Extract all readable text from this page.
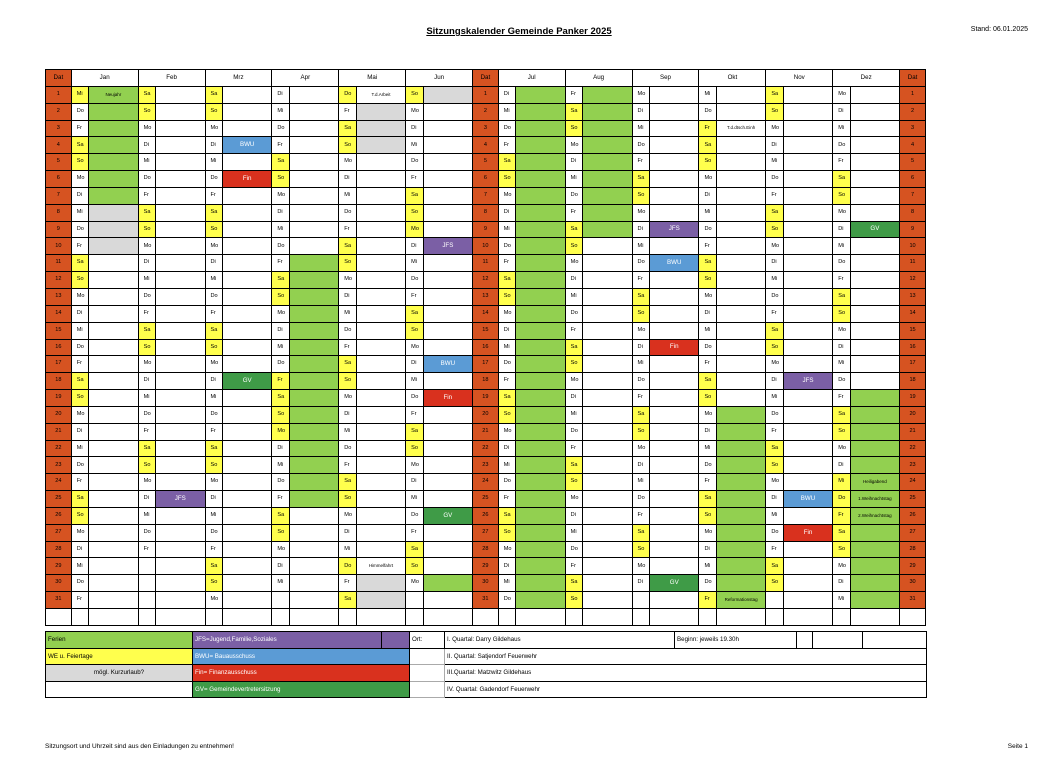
Sitzungskalender Gemeinde Panker 2025	Stand: 06.01.2025
Dat	Jan		Feb		Mrz		Apr		Mai		Jun		Dat	Jul		Aug		Sep		Okt		Nov		Dez		Dat
1	Mi	Neujahr	Sa		Sa		Di		Do	T.d.Arbeit	So		1	Di		Fr		Mo		Mi		Sa		Mo		1
2	Do		So		So		Mi		Fr		Mo		2	Mi		Sa		Di		Do		So		Di		2
3	Fr		Mo		Mo		Do		Sa		Di		3	Do		So		Mi		Fr	T.d.dtsch.Einh	Mo		Mi		3
4	Sa		Di		Di	BWU	Fr		So		Mi		4	Fr		Mo		Do		Sa		Di		Do		4
5	So		Mi		Mi		Sa		Mo		Do		5	Sa		Di		Fr		So		Mi		Fr		5
6	Mo		Do		Do	Fin	So		Di		Fr		6	So		Mi		Sa		Mo		Do		Sa		6
7	Di		Fr		Fr		Mo		Mi		Sa		7	Mo		Do		So		Di		Fr		So		7
8	Mi		Sa		Sa		Di		Do		So		8	Di		Fr		Mo		Mi		Sa		Mo		8
9	Do		So		So		Mi		Fr		Mo		9	Mi		Sa		Di	JFS	Do		So		Di	GV	9
10	Fr		Mo		Mo		Do		Sa		Di	JFS	10	Do		So		Mi		Fr		Mo		Mi		10
11	Sa		Di		Di		Fr		So		Mi		11	Fr		Mo		Do	BWU	Sa		Di		Do		11
12	So		Mi		Mi		Sa		Mo		Do		12	Sa		Di		Fr		So		Mi		Fr		12
13	Mo		Do		Do		So		Di		Fr		13	So		Mi		Sa		Mo		Do		Sa		13
14	Di		Fr		Fr		Mo		Mi		Sa		14	Mo		Do		So		Di		Fr		So		14
15	Mi		Sa		Sa		Di		Do		So		15	Di		Fr		Mo		Mi		Sa		Mo		15
16	Do		So		So		Mi		Fr		Mo		16	Mi		Sa		Di	Fin	Do		So		Di		16
17	Fr		Mo		Mo		Do		Sa		Di	BWU	17	Do		So		Mi		Fr		Mo		Mi		17
18	Sa		Di		Di	GV	Fr		So		Mi		18	Fr		Mo		Do		Sa		Di	JFS	Do		18
19	So		Mi		Mi		Sa		Mo		Do	Fin	19	Sa		Di		Fr		So		Mi		Fr		19
20	Mo		Do		Do		So		Di		Fr		20	So		Mi		Sa		Mo		Do		Sa		20
21	Di		Fr		Fr		Mo		Mi		Sa		21	Mo		Do		So		Di		Fr		So		21
22	Mi		Sa		Sa		Di		Do		So		22	Di		Fr		Mo		Mi		Sa		Mo		22
23	Do		So		So		Mi		Fr		Mo		23	Mi		Sa		Di		Do		So		Di		23
24	Fr		Mo		Mo		Do		Sa		Di		24	Do		So		Mi		Fr		Mo		Mi	Heiligabend	24
25	Sa		Di	JFS	Di		Fr		So		Mi		25	Fr		Mo		Do		Sa		Di	BWU	Do	1.Weihnachtstag	25
26	So		Mi		Mi		Sa		Mo		Do	GV	26	Sa		Di		Fr		So		Mi		Fr	2.Weihnachtstag	26
27	Mo		Do		Do		So		Di		Fr		27	So		Mi		Sa		Mo		Do	Fin	Sa		27
28	Di		Fr		Fr		Mo		Mi		Sa		28	Mo		Do		So		Di		Fr		So		28
29	Mi				Sa		Di		Do	Himmelfahrt	So		29	Di		Fr		Mo		Mi		Sa		Mo		29
30	Do				So		Mi		Fr		Mo		30	Mi		Sa		Di	GV	Do		So		Di		30
31	Fr				Mo				Sa				31	Do		So				Fr	Reformationstag			Mi		31

Ferien	JFS=Jugend,Familie,Soziales		Ort:	I. Quartal: Darry Gildehaus	Beginn: jeweils 19.30h			
WE u. Feiertage	BWU= Bauausschuss			II. Quartal: Satjendorf Feuerwehr				
mögl. Kurzurlaub?	Fin= Finanzausschuss			III.Quartal: Matzwitz Gildehaus				
	GV= Gemeindevertretersitzung			IV. Quartal: Gadendorf Feuerwehr				
Sitzungsort und Uhrzeit sind aus den Einladungen zu entnehmen!	Seite 1
